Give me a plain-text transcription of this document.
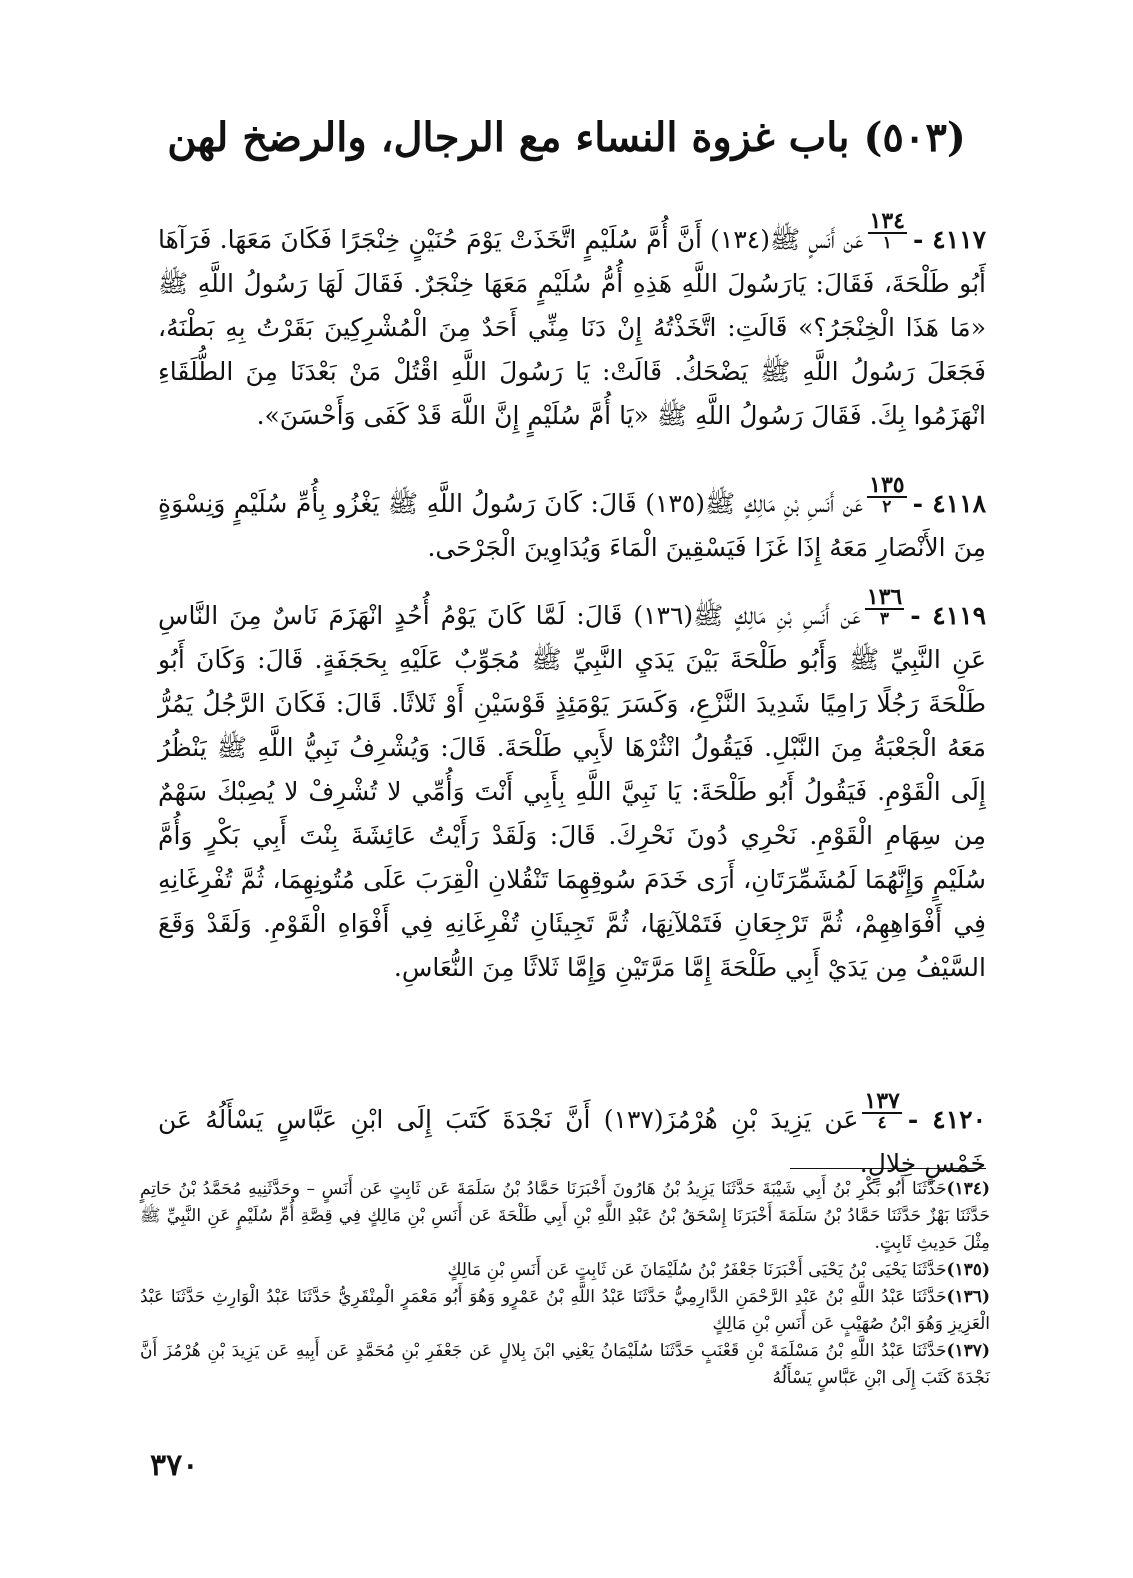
(٥٠٣) باب غزوة النساء مع الرجال، والرضخ لهن

٤١١٧ -
١٣٤
١
عَن أَنَسٍ ﷺ(١٣٤) أَنَّ أُمَّ سُلَيْمٍ اتَّخَذَتْ يَوْمَ حُنَيْنٍ خِنْجَرًا فَكَانَ مَعَهَا. فَرَآهَا أَبُو طَلْحَةَ، فَقَالَ: يَارَسُولَ اللَّهِ هَذِهِ أُمُّ سُلَيْمٍ مَعَهَا خِنْجَرٌ. فَقَالَ لَهَا رَسُولُ اللَّهِ ﷺ «مَا هَذَا الْخِنْجَرُ؟» قَالَتِ: اتَّخَذْتُهُ إِنْ دَنَا مِنِّي أَحَدٌ مِنَ الْمُشْرِكِينَ بَقَرْتُ بِهِ بَطْنَهُ، فَجَعَلَ رَسُولُ اللَّهِ ﷺ يَضْحَكُ. قَالَتْ: يَا رَسُولَ اللَّهِ اقْتُلْ مَنْ بَعْدَنَا مِنَ الطُّلَقَاءِ انْهَزَمُوا بِكَ. فَقَالَ رَسُولُ اللَّهِ ﷺ «يَا أُمَّ سُلَيْمٍ إِنَّ اللَّهَ قَدْ كَفَى وَأَحْسَنَ».

٤١١٨ -
١٣٥
٢
عَن أَنَسِ بْنِ مَالِكٍ ﷺ(١٣٥) قَالَ: كَانَ رَسُولُ اللَّهِ ﷺ يَغْزُو بِأُمِّ سُلَيْمٍ وَنِسْوَةٍ مِنَ الأَنْصَارِ مَعَهُ إِذَا غَزَا فَيَسْقِينَ الْمَاءَ وَيُدَاوِينَ الْجَرْحَى.

٤١١٩ -
١٣٦
٣
عَن أَنَسِ بْنِ مَالِكٍ ﷺ(١٣٦) قَالَ: لَمَّا كَانَ يَوْمُ أُحُدٍ انْهَزَمَ نَاسٌ مِنَ النَّاسِ عَنِ النَّبِيِّ ﷺ وَأَبُو طَلْحَةَ بَيْنَ يَدَيِ النَّبِيِّ ﷺ مُجَوِّبٌ عَلَيْهِ بِحَجَفَةٍ. قَالَ: وَكَانَ أَبُو طَلْحَةَ رَجُلًا رَامِيًا شَدِيدَ النَّزْعِ، وَكَسَرَ يَوْمَئِذٍ قَوْسَيْنِ أَوْ ثَلاثًا. قَالَ: فَكَانَ الرَّجُلُ يَمُرُّ مَعَهُ الْجَعْبَةُ مِنَ النَّبْلِ. فَيَقُولُ انْثُرْهَا لأَبِي طَلْحَةَ. قَالَ: وَيُشْرِفُ نَبِيُّ اللَّهِ ﷺ يَنْظُرُ إِلَى الْقَوْمِ. فَيَقُولُ أَبُو طَلْحَةَ: يَا نَبِيَّ اللَّهِ بِأَبِي أَنْتَ وَأُمِّي لا تُشْرِفْ لا يُصِبْكَ سَهْمٌ مِن سِهَامِ الْقَوْمِ. نَحْرِي دُونَ نَحْرِكَ. قَالَ: وَلَقَدْ رَأَيْتُ عَائِشَةَ بِنْتَ أَبِي بَكْرٍ وَأُمَّ سُلَيْمٍ وَإِنَّهُمَا لَمُشَمِّرَتَانِ، أَرَى خَدَمَ سُوقِهِمَا تَنْقُلانِ الْقِرَبَ عَلَى مُتُونِهِمَا، ثُمَّ تُفْرِغَانِهِ فِي أَفْوَاهِهِمْ، ثُمَّ تَرْجِعَانِ فَتَمْلآنِهَا، ثُمَّ تَجِيئَانِ تُفْرِغَانِهِ فِي أَفْوَاهِ الْقَوْمِ. وَلَقَدْ وَقَعَ السَّيْفُ مِن يَدَيْ أَبِي طَلْحَةَ إِمَّا مَرَّتَيْنِ وَإِمَّا ثَلاثًا مِنَ النُّعَاسِ.

٤١٢٠ -
١٣٧
٤
عَن يَزِيدَ بْنِ هُرْمُزَ(١٣٧) أَنَّ نَجْدَةَ كَتَبَ إِلَى ابْنِ عَبَّاسٍ يَسْأَلُهُ عَن خَمْسِ خِلالٍ.

(١٣٤)حَدَّثَنَا أَبُو بَكْرِ بْنُ أَبِي شَيْبَةَ حَدَّثَنَا يَزِيدُ بْنُ هَارُونَ أَخْبَرَنَا حَمَّادُ بْنُ سَلَمَةَ عَن ثَابِتٍ عَن أَنَسٍ – وحَدَّثَنِيهِ مُحَمَّدُ بْنُ حَاتِمٍ حَدَّثَنَا بَهْزٌ حَدَّثَنَا حَمَّادُ بْنُ سَلَمَةَ أَخْبَرَنَا إِسْحَقُ بْنُ عَبْدِ اللَّهِ بْنِ أَبِي طَلْحَةَ عَن أَنَسِ بْنِ مَالِكٍ فِي قِصَّةِ أُمِّ سُلَيْمٍ عَنِ النَّبِيِّ ﷺ مِثْلَ حَدِيثِ ثَابِتٍ.
(١٣٥)حَدَّثَنَا يَحْيَى بْنُ يَحْيَى أَخْبَرَنَا جَعْفَرُ بْنُ سُلَيْمَانَ عَن ثَابِتٍ عَن أَنَسِ بْنِ مَالِكٍ
(١٣٦)حَدَّثَنَا عَبْدُ اللَّهِ بْنُ عَبْدِ الرَّحْمَنِ الدَّارِمِيُّ حَدَّثَنَا عَبْدُ اللَّهِ بْنُ عَمْرٍو وَهُوَ أَبُو مَعْمَرٍ الْمِنْقَرِيُّ حَدَّثَنَا عَبْدُ الْوَارِثِ حَدَّثَنَا عَبْدُ الْعَزِيزِ وَهُوَ ابْنُ صُهَيْبٍ عَن أَنَسِ بْنِ مَالِكٍ
(١٣٧)حَدَّثَنَا عَبْدُ اللَّهِ بْنُ مَسْلَمَةَ بْنِ قَعْنَبٍ حَدَّثَنَا سُلَيْمَانُ يَعْنِي ابْنَ بِلالٍ عَن جَعْفَرِ بْنِ مُحَمَّدٍ عَن أَبِيهِ عَن يَزِيدَ بْنِ هُرْمُزَ أَنَّ نَجْدَةَ كَتَبَ إِلَى ابْنِ عَبَّاسٍ يَسْأَلُهُ
٣٧٠
